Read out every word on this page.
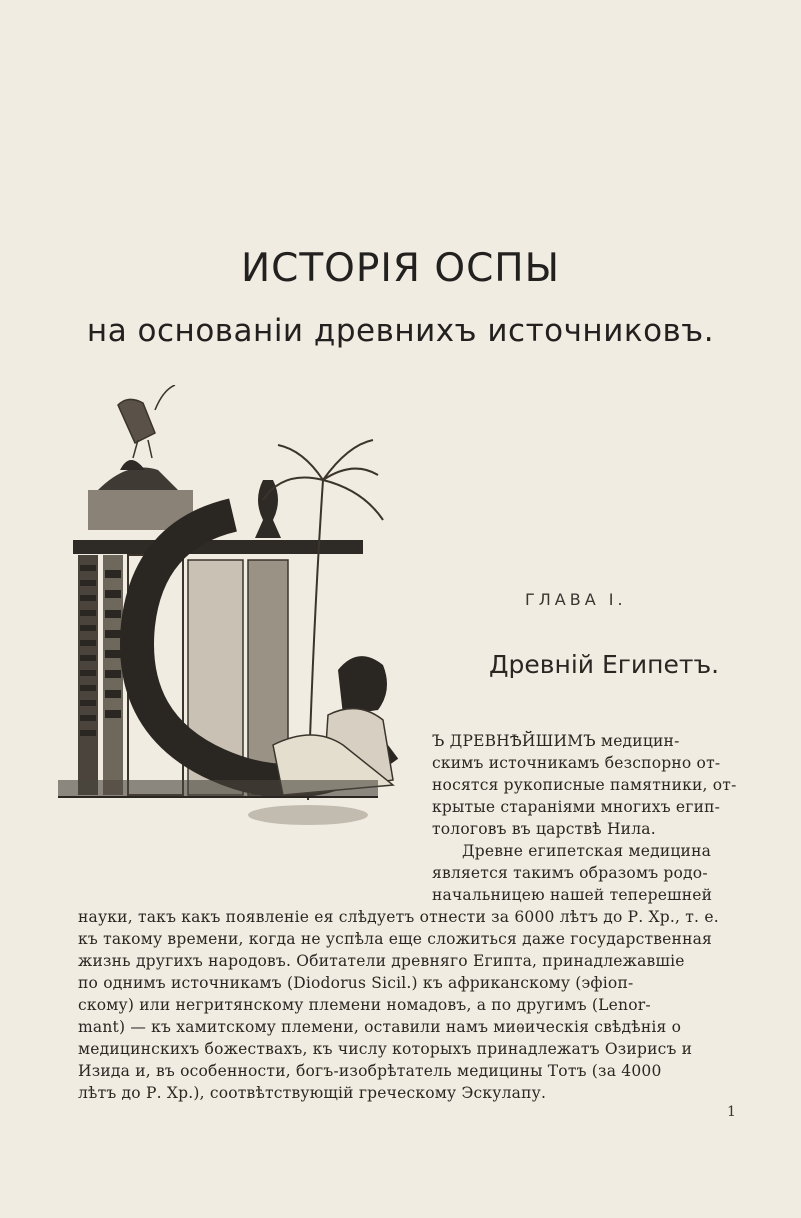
ИСТОРІЯ ОСПЫ
на основаніи древнихъ источниковъ.
ГЛАВА I.
Древній Египетъ.
Ъ ДРЕВНѢЙШИМЪ медицин-
скимъ источникамъ безспорно от-
носятся рукописные памятники, от-
крытые стараніями многихъ егип-
тологовъ въ царствѣ Нила.
Древне египетская медицина
является такимъ образомъ родо-
начальницею нашей теперешней
науки, такъ какъ появленіе ея слѣдуетъ отнести за 6000 лѣтъ до Р. Хр., т. е.
къ такому времени, когда не успѣла еще сложиться даже государственная
жизнь другихъ народовъ. Обитатели древняго Египта, принадлежавшіе
по однимъ источникамъ (Diodorus Sicil.) къ африканскому (эфіоп-
скому) или негритянскому племени номадовъ, а по другимъ (Lenor-
mant) — къ хамитскому племени, оставили намъ миѳическія свѣдѣнія о
медицинскихъ божествахъ, къ числу которыхъ принадлежатъ Озирисъ и
Изида и, въ особенности, богъ-изобрѣтатель медицины Тотъ (за 4000
лѣтъ до Р. Хр.), соотвѣтствующій греческому Эскулапу.
1
